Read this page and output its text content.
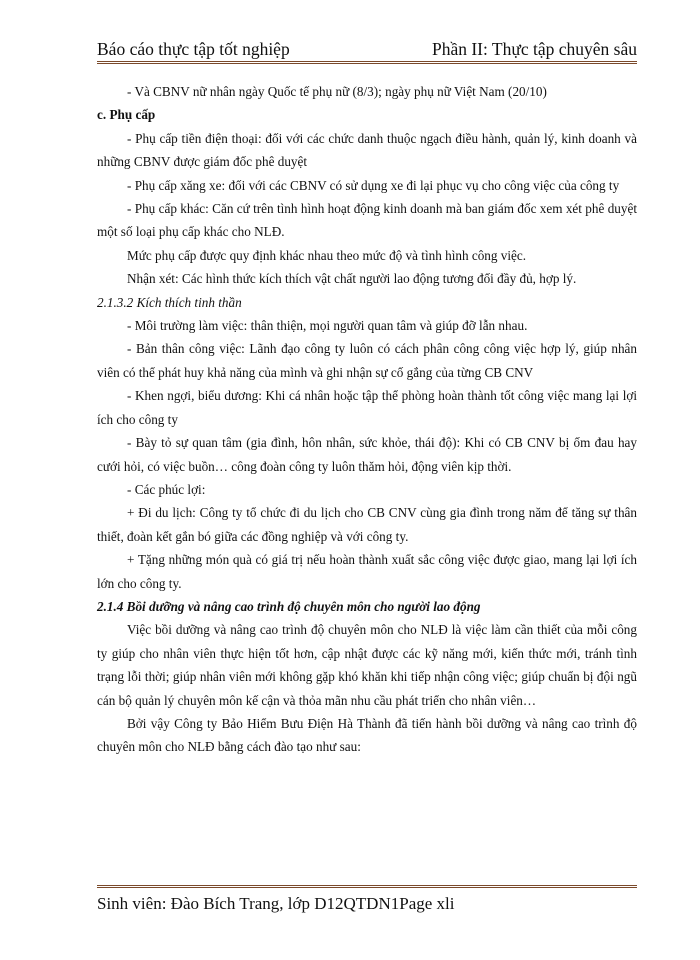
Báo cáo thực tập tốt nghiệp	Phần II: Thực tập chuyên sâu

- Và CBNV nữ nhân ngày Quốc tế phụ nữ (8/3); ngày phụ nữ Việt Nam (20/10)

c. Phụ cấp

- Phụ cấp tiền điện thoại: đối với các chức danh thuộc ngạch điều hành, quản lý, kinh doanh và những CBNV được giám đốc phê duyệt

- Phụ cấp xăng xe: đối với các CBNV có sử dụng xe đi lại phục vụ cho công việc của công ty

- Phụ cấp khác: Căn cứ trên tình hình hoạt động kinh doanh mà ban giám đốc xem xét phê duyệt một số loại phụ cấp khác cho NLĐ.

Mức phụ cấp được quy định khác nhau theo mức độ và tình hình công việc.

Nhận xét: Các hình thức kích thích vật chất người lao động tương đối đầy đủ, hợp lý.

2.1.3.2 Kích thích tinh thần

- Môi trường làm việc: thân thiện, mọi người quan tâm và giúp đỡ lẫn nhau.

- Bản thân công việc: Lãnh đạo công ty luôn có cách phân công công việc hợp lý, giúp nhân viên có thể phát huy khả năng của mình và ghi nhận sự cố gắng của từng CB CNV

- Khen ngợi, biểu dương: Khi cá nhân hoặc tập thể phòng hoàn thành tốt công việc mang lại lợi ích cho công ty

- Bày tỏ sự quan tâm (gia đình, hôn nhân, sức khỏe, thái độ): Khi có CB CNV bị ốm đau hay cưới hỏi, có việc buồn… công đoàn công ty luôn thăm hỏi, động viên kịp thời.

- Các phúc lợi:

+ Đi du lịch: Công ty tổ chức đi du lịch cho CB CNV cùng gia đình trong năm để tăng sự thân thiết, đoàn kết gắn bó giữa các đồng nghiệp và với công ty.

+ Tặng những món quà có giá trị nếu hoàn thành xuất sắc công việc được giao, mang lại lợi ích lớn cho công ty.

2.1.4 Bồi dưỡng và nâng cao trình độ chuyên môn cho người lao động

Việc bồi dưỡng và nâng cao trình độ chuyên môn cho NLĐ là việc làm cần thiết của mỗi công ty giúp cho nhân viên thực hiện tốt hơn, cập nhật được các kỹ năng mới, kiến thức mới, tránh tình trạng lỗi thời; giúp nhân viên mới không gặp khó khăn khi tiếp nhận công việc; giúp chuẩn bị đội ngũ cán bộ quản lý chuyên môn kế cận và thỏa mãn nhu cầu phát triển cho nhân viên…

Bởi vậy Công ty Bảo Hiểm Bưu Điện Hà Thành đã tiến hành bồi dưỡng và nâng cao trình độ chuyên môn cho NLĐ bằng cách đào tạo như sau:

Sinh viên: Đào Bích Trang, lớp D12QTDN1Page xli
